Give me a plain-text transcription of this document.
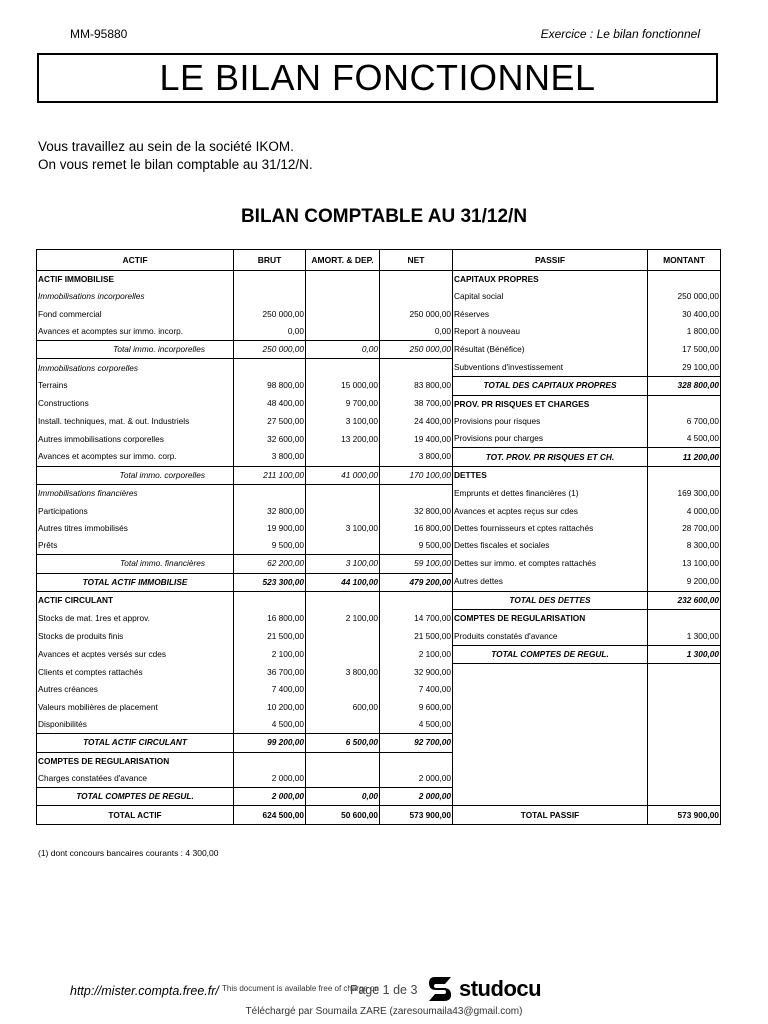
MM-95880	Exercice : Le bilan fonctionnel
LE BILAN FONCTIONNEL
Vous travaillez au sein de la société IKOM.
On vous remet le bilan comptable au 31/12/N.
BILAN COMPTABLE AU 31/12/N
ACTIF	BRUT	AMORT. & DEP.	NET	PASSIF	MONTANT
ACTIF IMMOBILISE				CAPITAUX PROPRES	
Immobilisations incorporelles				Capital social	250 000,00
Fond commercial	250 000,00		250 000,00	Réserves	30 400,00
Avances et acomptes sur immo. incorp.	0,00		0,00	Report à nouveau	1 800,00
Total immo. incorporelles	250 000,00	0,00	250 000,00	Résultat (Bénéfice)	17 500,00
Immobilisations corporelles				Subventions d'investissement	29 100,00
Terrains	98 800,00	15 000,00	83 800,00	TOTAL DES CAPITAUX PROPRES	328 800,00
Constructions	48 400,00	9 700,00	38 700,00	PROV. PR RISQUES ET CHARGES	
Install. techniques, mat. & out. Industriels	27 500,00	3 100,00	24 400,00	Provisions pour risques	6 700,00
Autres immobilisations corporelles	32 600,00	13 200,00	19 400,00	Provisions pour charges	4 500,00
Avances et acomptes sur immo. corp.	3 800,00		3 800,00	TOT. PROV. PR RISQUES ET CH.	11 200,00
Total immo. corporelles	211 100,00	41 000,00	170 100,00	DETTES	
Immobilisations financières				Emprunts et dettes financières (1)	169 300,00
Participations	32 800,00		32 800,00	Avances et acptes reçus sur cdes	4 000,00
Autres titres immobilisés	19 900,00	3 100,00	16 800,00	Dettes fournisseurs et cptes rattachés	28 700,00
Prêts	9 500,00		9 500,00	Dettes fiscales et sociales	8 300,00
Total immo. financières	62 200,00	3 100,00	59 100,00	Dettes sur immo. et comptes rattachés	13 100,00
TOTAL ACTIF IMMOBILISE	523 300,00	44 100,00	479 200,00	Autres dettes	9 200,00
ACTIF CIRCULANT				TOTAL DES DETTES	232 600,00
Stocks de mat. 1res et approv.	16 800,00	2 100,00	14 700,00	COMPTES DE REGULARISATION	
Stocks de produits finis	21 500,00		21 500,00	Produits constatés d'avance	1 300,00
Avances et acptes versés sur cdes	2 100,00		2 100,00	TOTAL COMPTES DE REGUL.	1 300,00
Clients et comptes rattachés	36 700,00	3 800,00	32 900,00		
Autres créances	7 400,00		7 400,00		
Valeurs mobilières de placement	10 200,00	600,00	9 600,00		
Disponibilités	4 500,00		4 500,00		
TOTAL ACTIF CIRCULANT	99 200,00	6 500,00	92 700,00		
COMPTES DE REGULARISATION					
Charges constatées d'avance	2 000,00		2 000,00		
TOTAL COMPTES DE REGUL.	2 000,00	0,00	2 000,00		
TOTAL ACTIF	624 500,00	50 600,00	573 900,00	TOTAL PASSIF	573 900,00
(1) dont concours bancaires courants : 4 300,00
http://mister.compta.free.fr/ This document is available free of charge on
Page 1 de 3 studocu
Téléchargé par Soumaila ZARE (zaresoumaila43@gmail.com)
